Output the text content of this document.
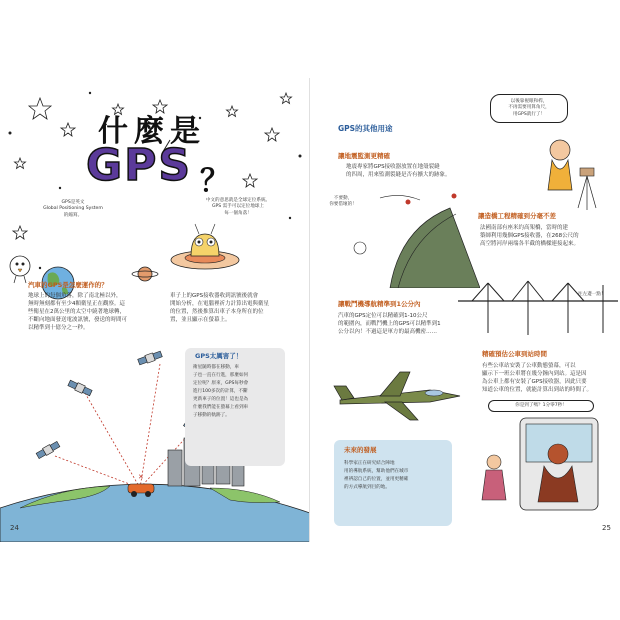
什麼是
GPS ？
GPS是英文
Global Positioning System
的縮寫。
中文的意思就是全球定位系統。
GPS 需手可以定位地球上
每一個角落！
汽車的GPS是怎麼運作的？
地球上的每個角落，除了南北極以外，
無時無刻都有至少4顆衛星正在觀察。這
些衛星在2萬公里的太空中繞著地球轉，
不斷向地面發送電波訊號，發送的時間可
以精準到十億分之一秒。
車子上的GPS接收器收到訊號後就會
開始分析，在電腦裡祈力計算出電與衛星
的位置，然後推算出車子本身所在的位
置，並且顯示在螢幕上。
✕
GPS太厲害了！
衛星隨時都在移動，車
子也一直在行進，那麼如何
定位呢？原來，GPS每秒會
進行100多次的計算，不斷
更新車子的位置！這也是為
什麼我們能在螢幕上看到車
子移動的軌跡了。
24
GPS的其他用途
以後靠視眼和桿，
不再需要用算角尺，
用GPS就行了！
讓地震監測更精確
地震專家將GPS接收器放置在地殼裂縫
的四周，用來監測裂縫是否有擴大的跡象。
不要動，
你要借壞的！
讓造橋工程精確到分毫不差
法國南部有座米約高架橋，當時的建
築師利用幾個GPS接收器，在268公尺的
高空將河岸兩端各半截的橋樑連接起來。
往左邊一點！
讓戰鬥機導航精準到1公分內
汽車的GPS定位可以精確到1-10公尺
的範圍內，而戰鬥機上的GPS可以精準到1
公分以內！不過這是軍方的最高機密……
精確預估公車到站時間
有些公車站安裝了公車動態螢幕，可以
顯示下一班公車將在幾分鐘內到站。這是因
為公車上都有安裝了GPS接收器，因此只要
知道公車的位置，就能計算出到站的時間了。
你是到了嗎？1分零7秒！
未來的發展
科學家正在研究結合陣地
用的導航系統，幫助他們在城市
裡辨認自己的位置，並用更精確
的方式導航到目的地。
25
